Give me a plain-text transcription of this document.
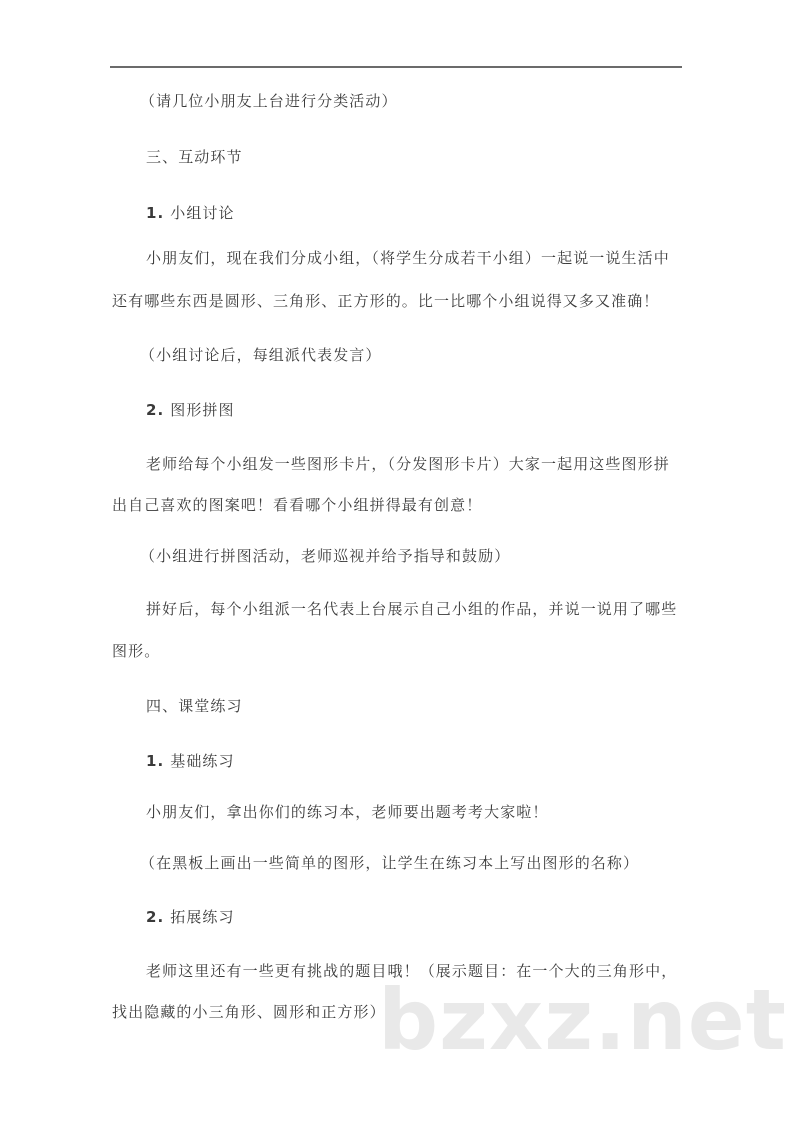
（请几位小朋友上台进行分类活动）
三、互动环节
1. 小组讨论
小朋友们，现在我们分成小组，（将学生分成若干小组）一起说一说生活中
还有哪些东西是圆形、三角形、正方形的。比一比哪个小组说得又多又准确！
（小组讨论后，每组派代表发言）
2. 图形拼图
老师给每个小组发一些图形卡片，（分发图形卡片）大家一起用这些图形拼
出自己喜欢的图案吧！看看哪个小组拼得最有创意！
（小组进行拼图活动，老师巡视并给予指导和鼓励）
拼好后，每个小组派一名代表上台展示自己小组的作品，并说一说用了哪些
图形。
四、课堂练习
1. 基础练习
小朋友们，拿出你们的练习本，老师要出题考考大家啦！
（在黑板上画出一些简单的图形，让学生在练习本上写出图形的名称）
2. 拓展练习
老师这里还有一些更有挑战的题目哦！（展示题目：在一个大的三角形中，
找出隐藏的小三角形、圆形和正方形）
bzxz.net
